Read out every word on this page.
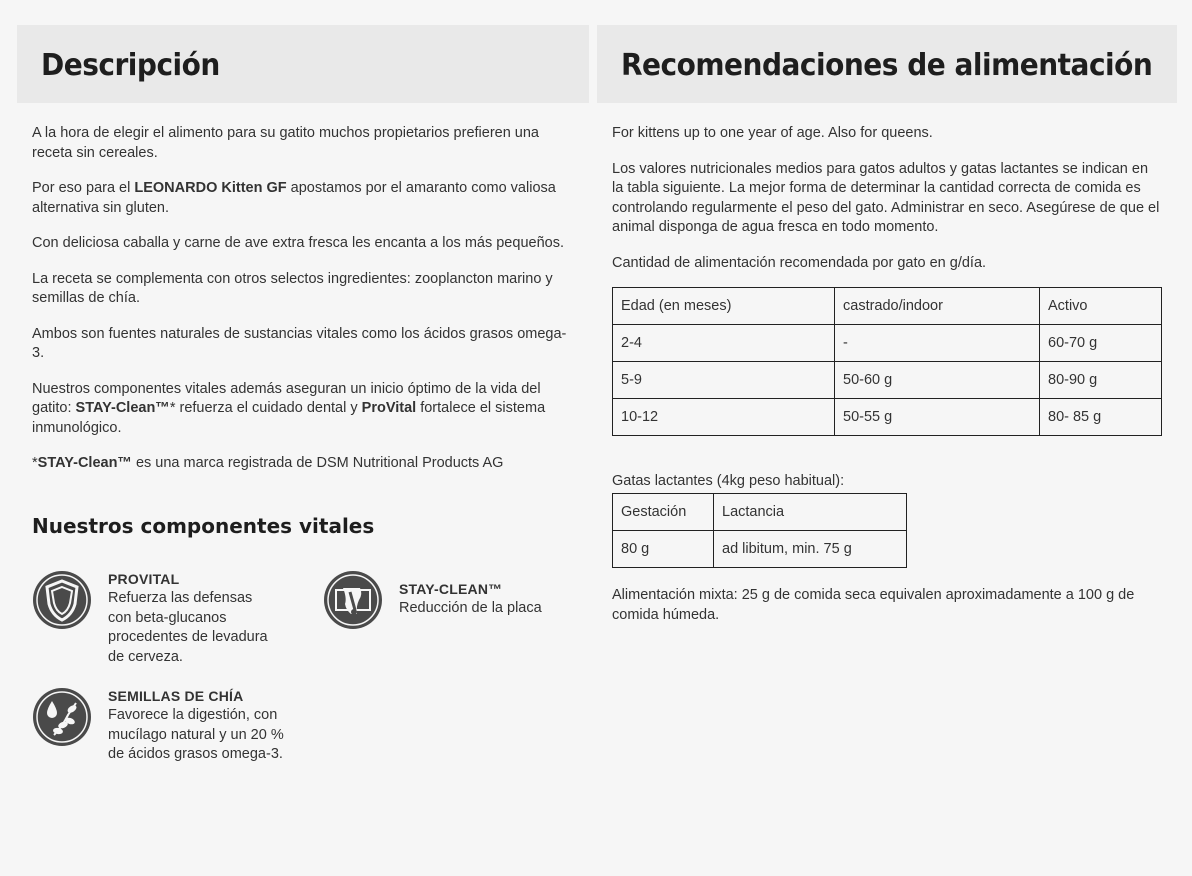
Descripción

A la hora de elegir el alimento para su gatito muchos propietarios prefieren una receta sin cereales.

Por eso para el LEONARDO Kitten GF apostamos por el amaranto como valiosa alternativa sin gluten.

Con deliciosa caballa y carne de ave extra fresca les encanta a los más pequeños.

La receta se complementa con otros selectos ingredientes: zooplancton marino y semillas de chía.

Ambos son fuentes naturales de sustancias vitales como los ácidos grasos omega-3.

Nuestros componentes vitales además aseguran un inicio óptimo de la vida del gatito: STAY-Clean™* refuerza el cuidado dental y ProVital fortalece el sistema inmunológico.

*STAY-Clean™ es una marca registrada de DSM Nutritional Products AG

Nuestros componentes vitales
PROVITAL
Refuerza las defensas con beta-glucanos procedentes de levadura de cerveza.
STAY-CLEAN™
Reducción de la placa
SEMILLAS DE CHÍA
Favorece la digestión, con mucílago natural y un 20 % de ácidos grasos omega-3.
Recomendaciones de alimentación

For kittens up to one year of age. Also for queens.

Los valores nutricionales medios para gatos adultos y gatas lactantes se indican en la tabla siguiente. La mejor forma de determinar la cantidad correcta de comida es controlando regularmente el peso del gato. Administrar en seco. Asegúrese de que el animal disponga de agua fresca en todo momento.

Cantidad de alimentación recomendada por gato en g/día.

Edad (en meses)	castrado/indoor	Activo
2-4	-	60-70 g
5-9	50-60 g	80-90 g
10-12	50-55 g	80- 85 g
Gatas lactantes (4kg peso habitual):
Gestación	Lactancia
80 g	ad libitum, min. 75 g
Alimentación mixta: 25 g de comida seca equivalen aproximadamente a 100 g de comida húmeda.
